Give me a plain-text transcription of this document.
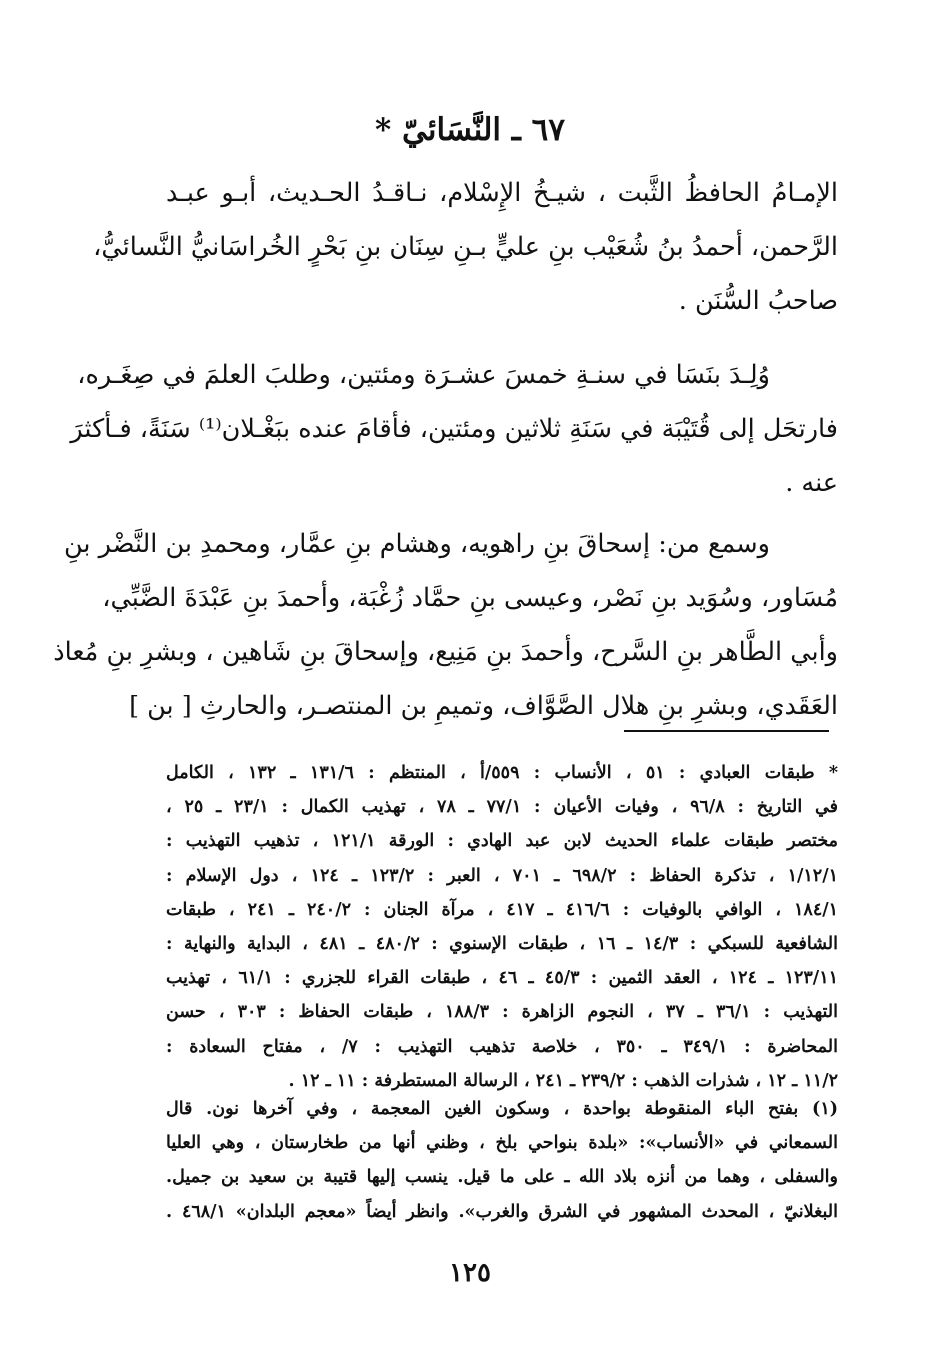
٦٧ ـ النَّسَائيّ *
الإمـامُ الحافظُ الثَّبت ، شيـخُ الإِسْلام، نـاقـدُ الحـديث، أبـو عبـد
الرَّحمن، أحمدُ بنُ شُعَيْب بنِ عليٍّ بـنِ سِنَان بنِ بَحْرٍ الخُراسَانيُّ النَّسائيُّ،
صاحبُ السُّنَن .
وُلِـدَ بنَسَا في سنـةِ خمسَ عشـرَة ومئتين، وطلبَ العلمَ في صِغَـره،
فارتحَل إلى قُتَيْبَة في سَنَةِ ثلاثين ومئتين، فأقامَ عنده ببَغْـلان⁽¹⁾ سَنَةً، فـأكثرَ
عنه .
وسمع من: إسحاقَ بنِ راهويه، وهشام بنِ عمَّار، ومحمدِ بن النَّضْر بنِ
مُسَاور، وسُوَيد بنِ نَصْر، وعيسى بنِ حمَّاد زُغْبَة، وأحمدَ بنِ عَبْدَةَ الضَّبِّي،
وأبي الطَّاهر بنِ السَّرح، وأحمدَ بنِ مَنِيع، وإسحاقَ بنِ شَاهين ، وبشرِ بنِ مُعاذ
العَقَدي، وبشرِ بنِ هلال الصَّوَّاف، وتميمِ بن المنتصـر، والحارثِ [ بن ]
* طبقات العبادي : ٥١ ، الأنساب : ٥٥٩/أ ، المنتظم : ١٣١/٦ ـ ١٣٢ ، الكامل
في التاريخ : ٩٦/٨ ، وفيات الأعيان : ٧٧/١ ـ ٧٨ ، تهذيب الكمال : ٢٣/١ ـ ٢٥ ،
مختصر طبقات علماء الحديث لابن عبد الهادي : الورقة ١٢١/١ ، تذهيب التهذيب :
١/١٢/١ ، تذكرة الحفاظ : ٦٩٨/٢ ـ ٧٠١ ، العبر : ١٢٣/٢ ـ ١٢٤ ، دول الإسلام :
١٨٤/١ ، الوافي بالوفيات : ٤١٦/٦ ـ ٤١٧ ، مرآة الجنان : ٢٤٠/٢ ـ ٢٤١ ، طبقات
الشافعية للسبكي : ١٤/٣ ـ ١٦ ، طبقات الإسنوي : ٤٨٠/٢ ـ ٤٨١ ، البداية والنهاية :
١٢٣/١١ ـ ١٢٤ ، العقد الثمين : ٤٥/٣ ـ ٤٦ ، طبقات القراء للجزري : ٦١/١ ، تهذيب
التهذيب : ٣٦/١ ـ ٣٧ ، النجوم الزاهرة : ١٨٨/٣ ، طبقات الحفاظ : ٣٠٣ ، حسن
المحاضرة : ٣٤٩/١ ـ ٣٥٠ ، خلاصة تذهيب التهذيب : ٧/ ، مفتاح السعادة :
١١/٢ ـ ١٢ ، شذرات الذهب : ٢٣٩/٢ ـ ٢٤١ ، الرسالة المستطرفة : ١١ ـ ١٢ .
(١) بفتح الباء المنقوطة بواحدة ، وسكون الغين المعجمة ، وفي آخرها نون. قال
السمعاني في «الأنساب»: «بلدة بنواحي بلخ ، وظني أنها من طخارستان ، وهي العليا
والسفلى ، وهما من أنزه بلاد الله ـ على ما قيل. ينسب إليها قتيبة بن سعيد بن جميل.
البغلانيّ ، المحدث المشهور في الشرق والغرب». وانظر أيضاً «معجم البلدان» ٤٦٨/١ .
١٢٥
